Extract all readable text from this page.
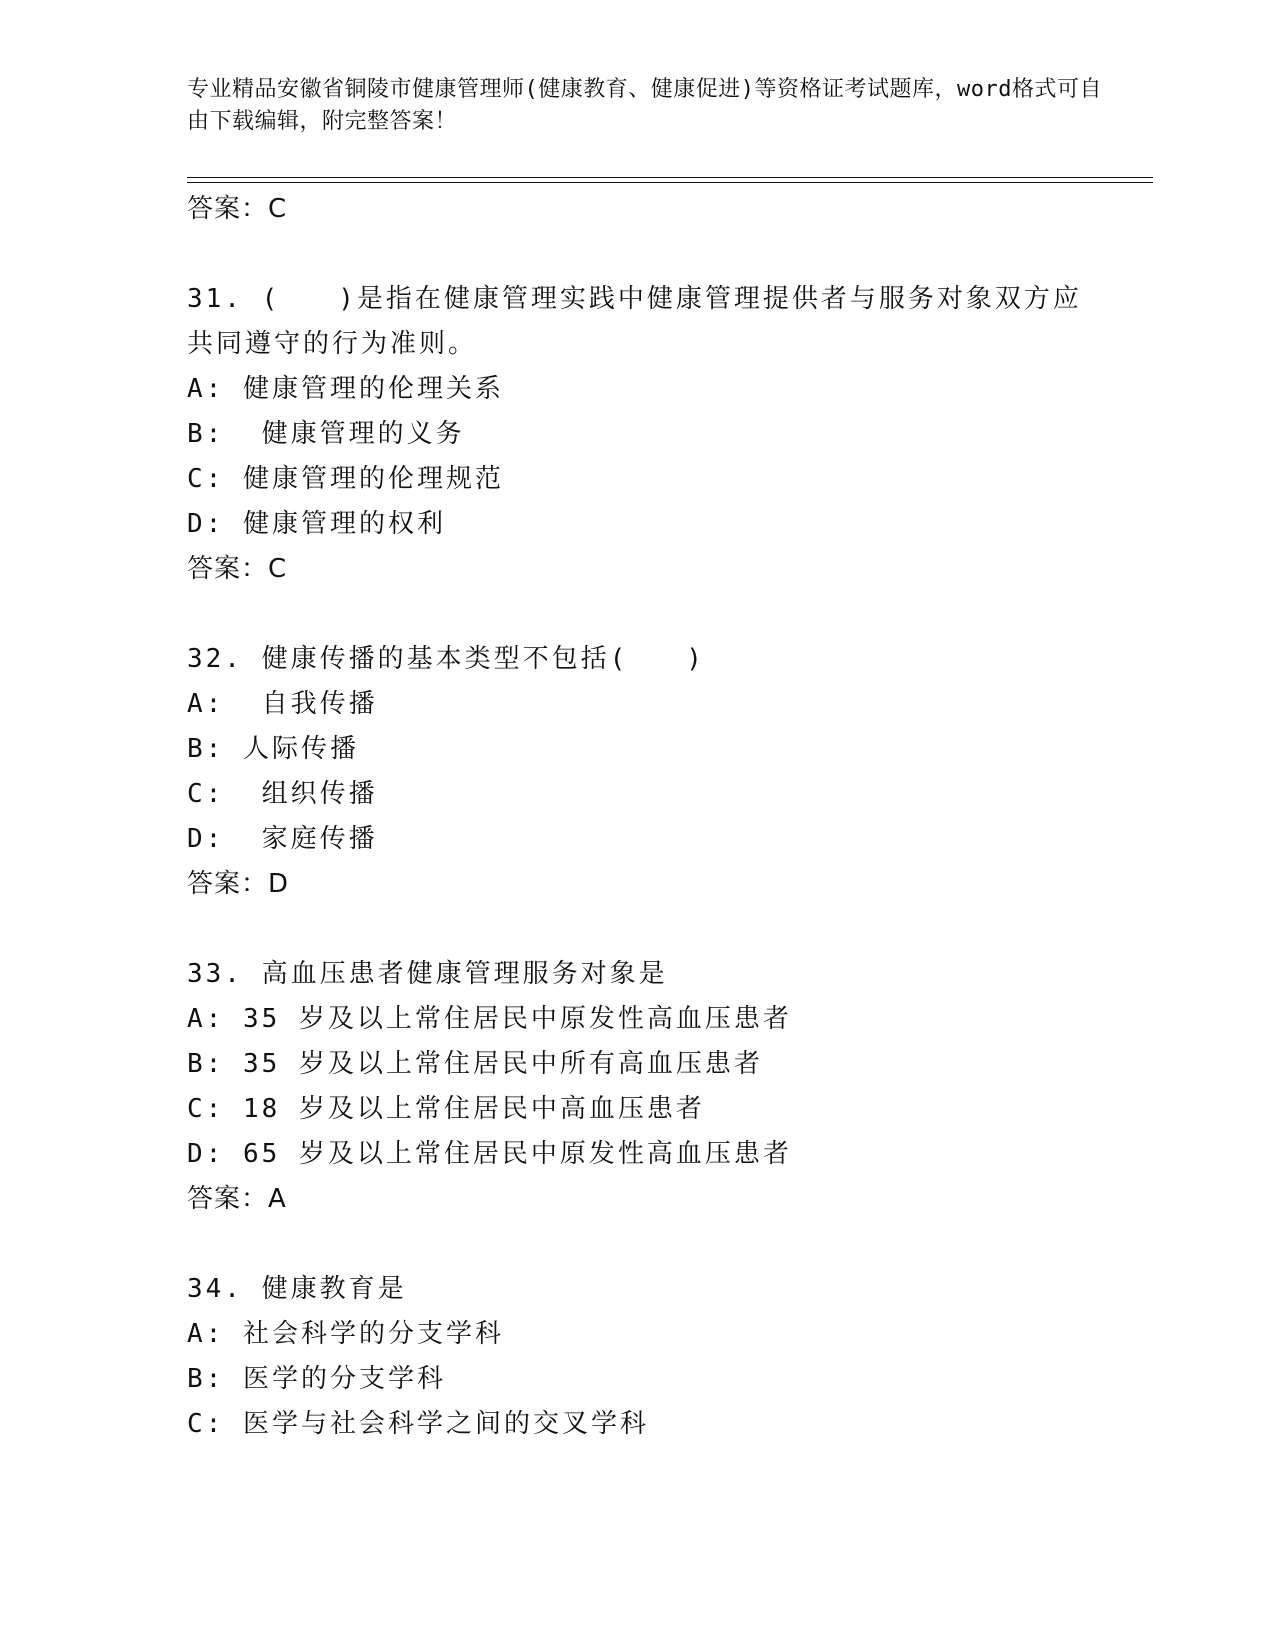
专业精品安徽省铜陵市健康管理师(健康教育、健康促进)等资格证考试题库，word格式可自由下载编辑，附完整答案！
答案：C
31. (　　)是指在健康管理实践中健康管理提供者与服务对象双方应
共同遵守的行为准则。
A: 健康管理的伦理关系
B:  健康管理的义务
C: 健康管理的伦理规范
D: 健康管理的权利
答案：C
32. 健康传播的基本类型不包括(　　)
A:  自我传播
B: 人际传播
C:  组织传播
D:  家庭传播
答案：D
33. 高血压患者健康管理服务对象是
A: 35 岁及以上常住居民中原发性高血压患者
B: 35 岁及以上常住居民中所有高血压患者
C: 18 岁及以上常住居民中高血压患者
D: 65 岁及以上常住居民中原发性高血压患者
答案：A
34. 健康教育是
A: 社会科学的分支学科
B: 医学的分支学科
C: 医学与社会科学之间的交叉学科
